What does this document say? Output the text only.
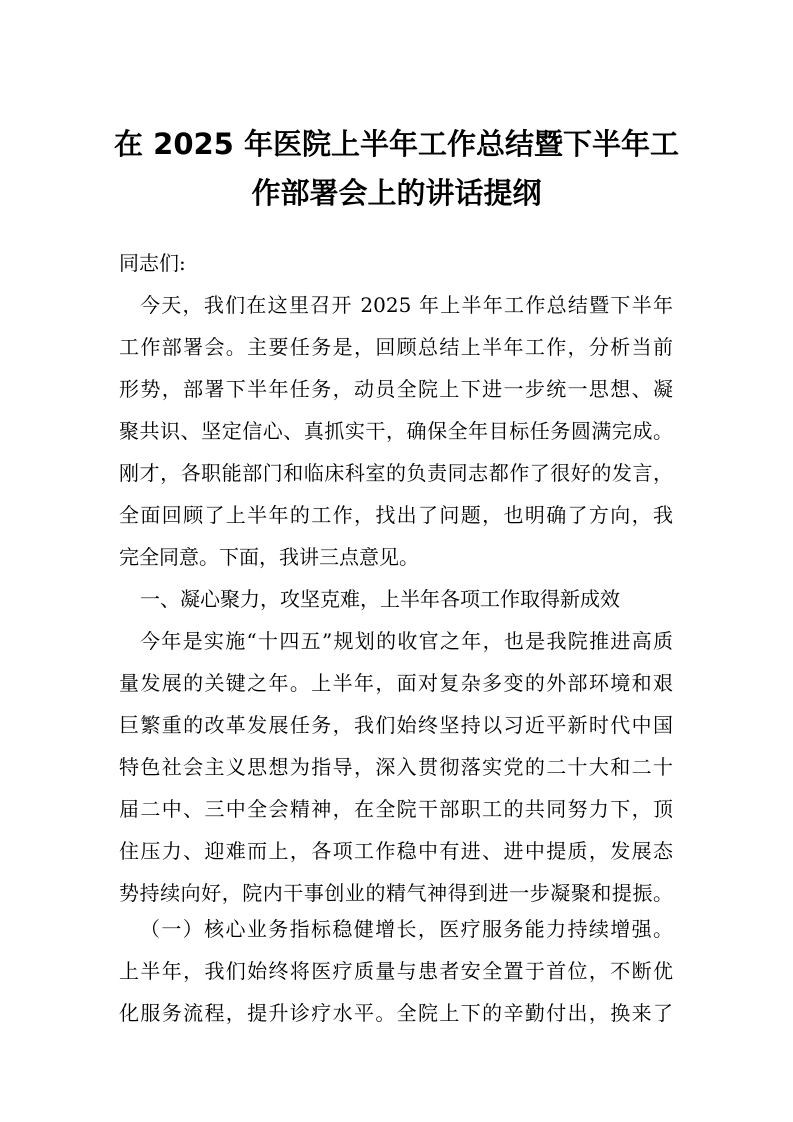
在 2025 年医院上半年工作总结暨下半年工
作部署会上的讲话提纲
同志们:
今天，我们在这里召开 2025 年上半年工作总结暨下半年
工作部署会。主要任务是，回顾总结上半年工作，分析当前
形势，部署下半年任务，动员全院上下进一步统一思想、凝
聚共识、坚定信心、真抓实干，确保全年目标任务圆满完成。
刚才，各职能部门和临床科室的负责同志都作了很好的发言，
全面回顾了上半年的工作，找出了问题，也明确了方向，我
完全同意。下面，我讲三点意见。
一、凝心聚力，攻坚克难，上半年各项工作取得新成效
今年是实施“十四五”规划的收官之年，也是我院推进高质
量发展的关键之年。上半年，面对复杂多变的外部环境和艰
巨繁重的改革发展任务，我们始终坚持以习近平新时代中国
特色社会主义思想为指导，深入贯彻落实党的二十大和二十
届二中、三中全会精神，在全院干部职工的共同努力下，顶
住压力、迎难而上，各项工作稳中有进、进中提质，发展态
势持续向好，院内干事创业的精气神得到进一步凝聚和提振。
（一）核心业务指标稳健增长，医疗服务能力持续增强。
上半年，我们始终将医疗质量与患者安全置于首位，不断优
化服务流程，提升诊疗水平。全院上下的辛勤付出，换来了
